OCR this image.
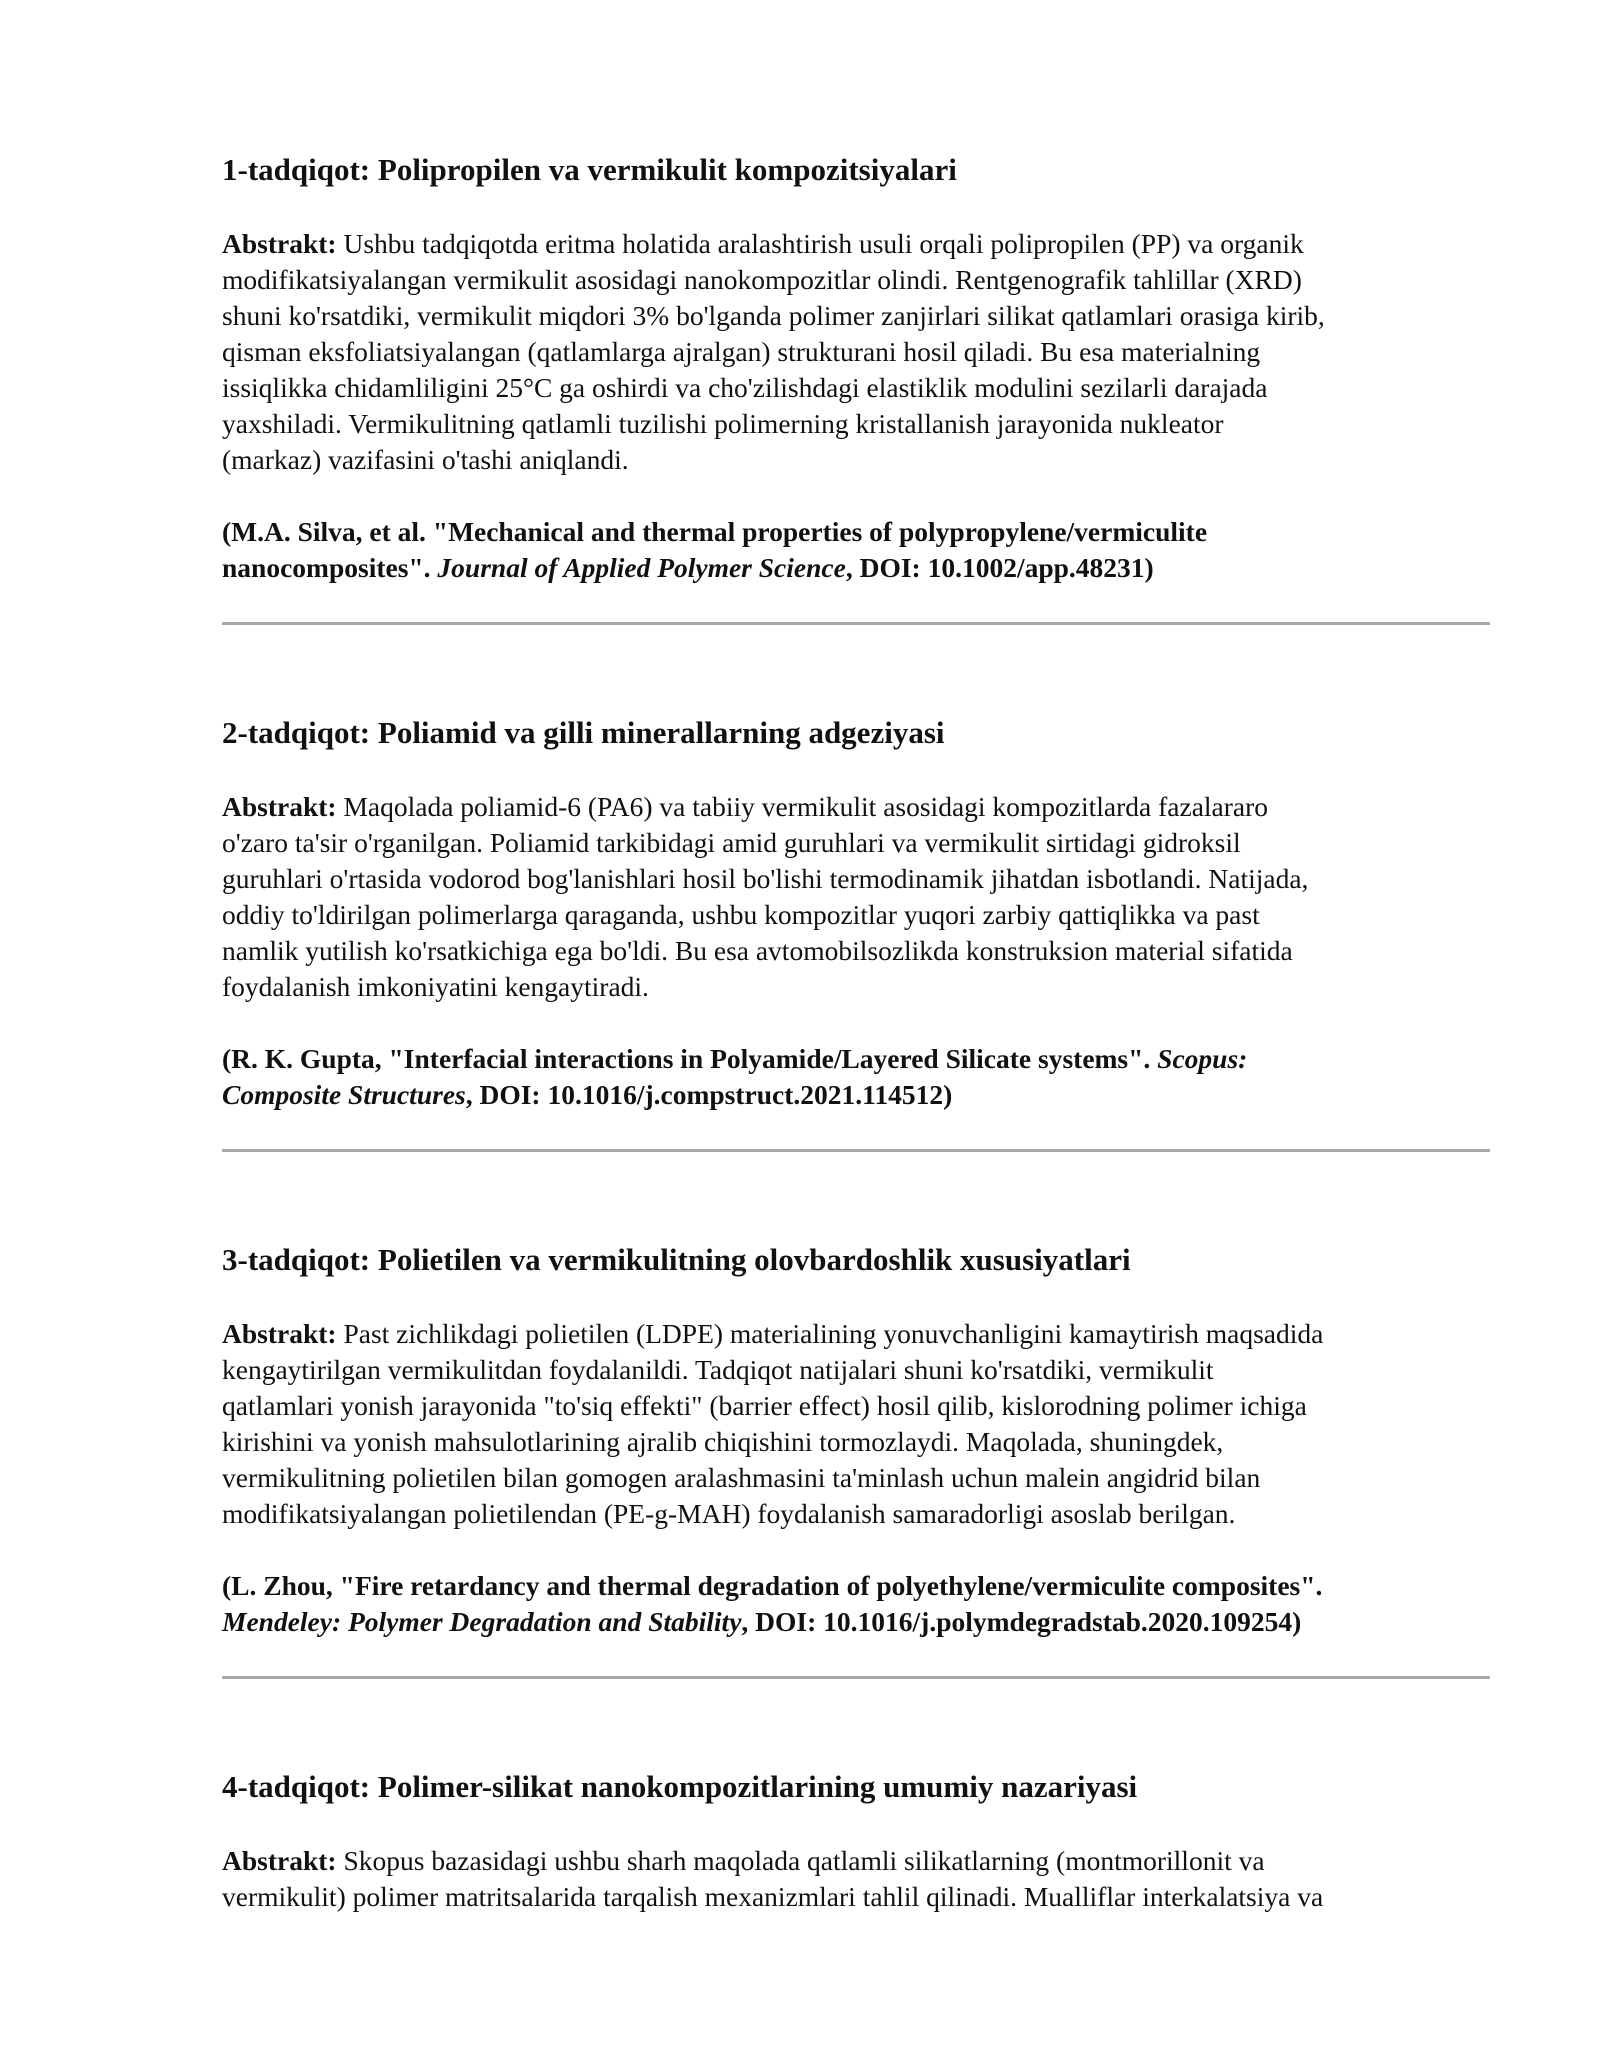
1-tadqiqot: Polipropilen va vermikulit kompozitsiyalari
Abstrakt: Ushbu tadqiqotda eritma holatida aralashtirish usuli orqali polipropilen (PP) va organik
modifikatsiyalangan vermikulit asosidagi nanokompozitlar olindi. Rentgenografik tahlillar (XRD)
shuni ko'rsatdiki, vermikulit miqdori 3% bo'lganda polimer zanjirlari silikat qatlamlari orasiga kirib,
qisman eksfoliatsiyalangan (qatlamlarga ajralgan) strukturani hosil qiladi. Bu esa materialning
issiqlikka chidamliligini 25°C ga oshirdi va cho'zilishdagi elastiklik modulini sezilarli darajada
yaxshiladi. Vermikulitning qatlamli tuzilishi polimerning kristallanish jarayonida nukleator
(markaz) vazifasini o'tashi aniqlandi.
(M.A. Silva, et al. "Mechanical and thermal properties of polypropylene/vermiculite
nanocomposites". Journal of Applied Polymer Science, DOI: 10.1002/app.48231)
2-tadqiqot: Poliamid va gilli minerallarning adgeziyasi
Abstrakt: Maqolada poliamid-6 (PA6) va tabiiy vermikulit asosidagi kompozitlarda fazalararo
o'zaro ta'sir o'rganilgan. Poliamid tarkibidagi amid guruhlari va vermikulit sirtidagi gidroksil
guruhlari o'rtasida vodorod bog'lanishlari hosil bo'lishi termodinamik jihatdan isbotlandi. Natijada,
oddiy to'ldirilgan polimerlarga qaraganda, ushbu kompozitlar yuqori zarbiy qattiqlikka va past
namlik yutilish ko'rsatkichiga ega bo'ldi. Bu esa avtomobilsozlikda konstruksion material sifatida
foydalanish imkoniyatini kengaytiradi.
(R. K. Gupta, "Interfacial interactions in Polyamide/Layered Silicate systems". Scopus:
Composite Structures, DOI: 10.1016/j.compstruct.2021.114512)
3-tadqiqot: Polietilen va vermikulitning olovbardoshlik xususiyatlari
Abstrakt: Past zichlikdagi polietilen (LDPE) materialining yonuvchanligini kamaytirish maqsadida
kengaytirilgan vermikulitdan foydalanildi. Tadqiqot natijalari shuni ko'rsatdiki, vermikulit
qatlamlari yonish jarayonida "to'siq effekti" (barrier effect) hosil qilib, kislorodning polimer ichiga
kirishini va yonish mahsulotlarining ajralib chiqishini tormozlaydi. Maqolada, shuningdek,
vermikulitning polietilen bilan gomogen aralashmasini ta'minlash uchun malein angidrid bilan
modifikatsiyalangan polietilendan (PE-g-MAH) foydalanish samaradorligi asoslab berilgan.
(L. Zhou, "Fire retardancy and thermal degradation of polyethylene/vermiculite composites".
Mendeley: Polymer Degradation and Stability, DOI: 10.1016/j.polymdegradstab.2020.109254)
4-tadqiqot: Polimer-silikat nanokompozitlarining umumiy nazariyasi
Abstrakt: Skopus bazasidagi ushbu sharh maqolada qatlamli silikatlarning (montmorillonit va
vermikulit) polimer matritsalarida tarqalish mexanizmlari tahlil qilinadi. Mualliflar interkalatsiya va
